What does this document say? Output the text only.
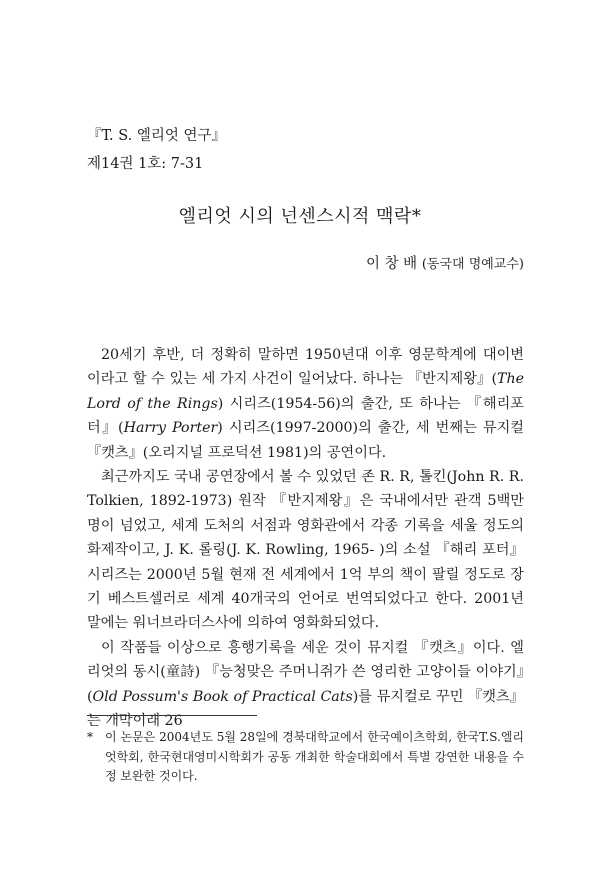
『T. S. 엘리엇 연구』
제14권 1호: 7-31
엘리엇 시의 넌센스시적 맥락*
이 창 배 (동국대 명예교수)

20세기 후반, 더 정확히 말하면 1950년대 이후 영문학계에 대이변이라고 할 수 있는 세 가지 사건이 일어났다. 하나는 『반지제왕』(The Lord of the Rings) 시리즈(1954-56)의 출간, 또 하나는 『해리포터』(Harry Porter) 시리즈(1997-2000)의 출간, 세 번째는 뮤지컬 『캣츠』(오리지널 프로덕션 1981)의 공연이다.

최근까지도 국내 공연장에서 볼 수 있었던 존 R. R, 톨킨(John R. R. Tolkien, 1892-1973) 원작 『반지제왕』은 국내에서만 관객 5백만 명이 넘었고, 세계 도처의 서점과 영화관에서 각종 기록을 세울 정도의 화제작이고, J. K. 롤링(J. K. Rowling, 1965- )의 소설 『해리 포터』 시리즈는 2000년 5월 현재 전 세계에서 1억 부의 책이 팔릴 정도로 장기 베스트셀러로 세계 40개국의 언어로 번역되었다고 한다. 2001년 말에는 워너브라더스사에 의하여 영화화되었다.

이 작품들 이상으로 흥행기록을 세운 것이 뮤지컬 『캣츠』이다. 엘리엇의 동시(童詩) 『능청맞은 주머니쥐가 쓴 영리한 고양이들 이야기』(Old Possum's Book of Practical Cats)를 뮤지컬로 꾸민 『캣츠』는 개막이래 26

* 이 논문은 2004년도 5월 28일에 경북대학교에서 한국예이츠학회, 한국T.S.엘리엇학회, 한국현대영미시학회가 공동 개최한 학술대회에서 특별 강연한 내용을 수정 보완한 것이다.
